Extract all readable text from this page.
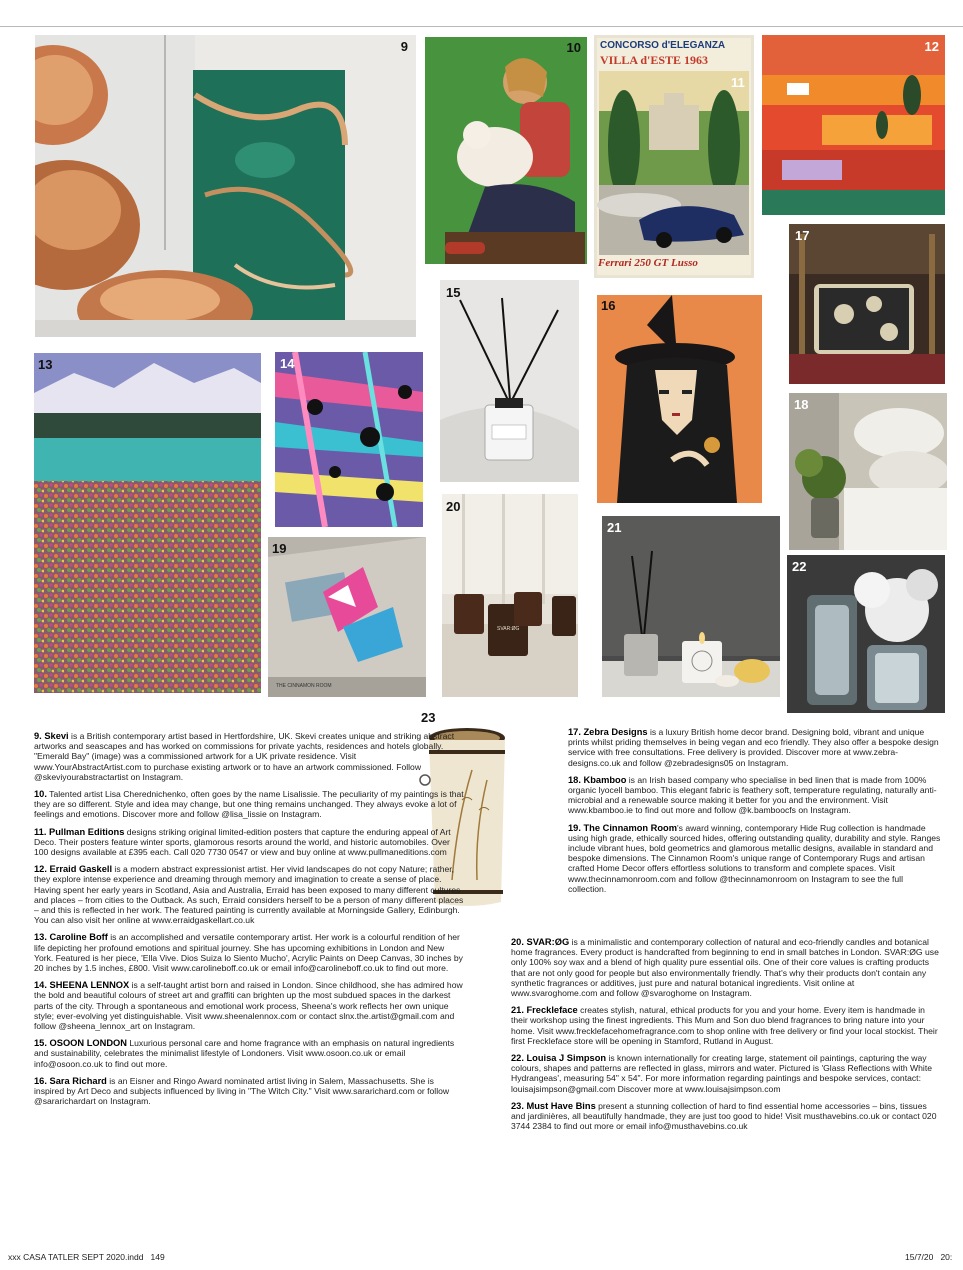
9	10 CONCORSO d'ELEGANZA
VILLA d'ESTE 1963
Ferrari 250 GT Lusso
11
12
13	14
15
16
17
18
19
THE CINNAMON ROOM
20
SVAR:ØG
21
22
23

9. Skevi is a British contemporary artist based in Hertfordshire, UK. Skevi creates unique and striking abstract artworks and seascapes and has worked on commissions for private yachts, residences and hotels globally. "Emerald Bay" (image) was a commissioned artwork for a UK private residence. Visit www.YourAbstractArtist.com to purchase existing artwork or to have an artwork commissioned. Follow @skeviyourabstractartist on Instagram.

10. Talented artist Lisa Cherednichenko, often goes by the name Lisalissie. The peculiarity of my paintings is that they are so different. Style and idea may change, but one thing remains unchanged. They always evoke a lot of feelings and emotions. Discover more and follow @lisa_lissie on Instagram.

11. Pullman Editions designs striking original limited-edition posters that capture the enduring appeal of Art Deco. Their posters feature winter sports, glamorous resorts around the world, and historic automobiles. Over 100 designs available at £395 each. Call 020 7730 0547 or view and buy online at www.pullmaneditions.com

12. Erraid Gaskell is a modern abstract expressionist artist. Her vivid landscapes do not copy Nature; rather, they explore intense experience and dreaming through memory and imagination to create a sense of place. Having spent her early years in Scotland, Asia and Australia, Erraid has been exposed to many different cultures and places – from cities to the Outback. As such, Erraid considers herself to be a person of many different places – and this is reflected in her work. The featured painting is currently available at Morningside Gallery, Edinburgh. You can also visit her online at www.erraidgaskellart.co.uk

13. Caroline Boff is an accomplished and versatile contemporary artist. Her work is a colourful rendition of her life depicting her profound emotions and spiritual journey. She has upcoming exhibitions in London and New York. Featured is her piece, 'Ella Vive. Dios Suiza lo Siento Mucho', Acrylic Paints on Deep Canvas, 30 inches by 20 inches by 1.5 inches, £800. Visit www.carolineboff.co.uk or email info@carolineboff.co.uk to find out more.

14. SHEENA LENNOX is a self-taught artist born and raised in London. Since childhood, she has admired how the bold and beautiful colours of street art and graffiti can brighten up the most subdued spaces in the darkest parts of the city. Through a spontaneous and emotional work process, Sheena's work reflects her own unique style; ever-evolving yet distinguishable. Visit www.sheenalennox.com or contact slnx.the.artist@gmail.com and follow @sheena_lennox_art on Instagram.

15. OSOON LONDON Luxurious personal care and home fragrance with an emphasis on natural ingredients and sustainability, celebrates the minimalist lifestyle of Londoners. Visit www.osoon.co.uk or email info@osoon.co.uk to find out more.

16. Sara Richard is an Eisner and Ringo Award nominated artist living in Salem, Massachusetts. She is inspired by Art Deco and subjects influenced by living in "The Witch City." Visit www.sararichard.com or follow @sararichardart on Instagram.

17. Zebra Designs is a luxury British home decor brand. Designing bold, vibrant and unique prints whilst priding themselves in being vegan and eco friendly. They also offer a bespoke design service with free consultations. Free delivery is provided. Discover more at www.zebra-designs.co.uk and follow @zebradesigns05 on Instagram.

18. Kbamboo is an Irish based company who specialise in bed linen that is made from 100% organic lyocell bamboo. This elegant fabric is feathery soft, temperature regulating, naturally anti- microbial and a renewable source making it better for you and the environment. Visit www.kbamboo.ie to find out more and follow @k.bamboocfs on Instagram.

19. The Cinnamon Room's award winning, contemporary Hide Rug collection is handmade using high grade, ethically sourced hides, offering outstanding quality, durability and style. Ranges include vibrant hues, bold geometrics and glamorous metallic designs, available in standard and bespoke dimensions. The Cinnamon Room's unique range of Contemporary Rugs and artisan crafted Home Decor offers effortless solutions to transform and complete spaces. Visit www.thecinnamonroom.com and follow @thecinnamonroom on Instagram to see the full collection.

20. SVAR:ØG is a minimalistic and contemporary collection of natural and eco-friendly candles and botanical home fragrances. Every product is handcrafted from beginning to end in small batches in London. SVAR:ØG use only 100% soy wax and a blend of high quality pure essential oils. One of their core values is crafting products that are not only good for people but also environmentally friendly. That's why their products don't contain any synthetic fragrances or additives, just pure and natural botanical ingredients. Visit online at www.svaroghome.com and follow @svaroghome on Instagram.

21. Freckleface creates stylish, natural, ethical products for you and your home. Every item is handmade in their workshop using the finest ingredients. This Mum and Son duo blend fragrances to bring nature into your home. Visit www.frecklefacehomefragrance.com to shop online with free delivery or find your local stockist. Their first Freckleface store will be opening in Stamford, Rutland in August.

22. Louisa J Simpson is known internationally for creating large, statement oil paintings, capturing the way colours, shapes and patterns are reflected in glass, mirrors and water. Pictured is 'Glass Reflections with White Hydrangeas', measuring 54" x 54". For more information regarding paintings and bespoke services, contact: louisajsimpson@gmail.com Discover more at www.louisajsimpson.com

23. Must Have Bins present a stunning collection of hard to find essential home accessories – bins, tissues and jardinières, all beautifully handmade, they are just too good to hide! Visit musthavebins.co.uk or contact 020 3744 2384 to find out more or email info@musthavebins.co.uk

xxx CASA TATLER SEPT 2020.indd   149	15/7/20   20:
